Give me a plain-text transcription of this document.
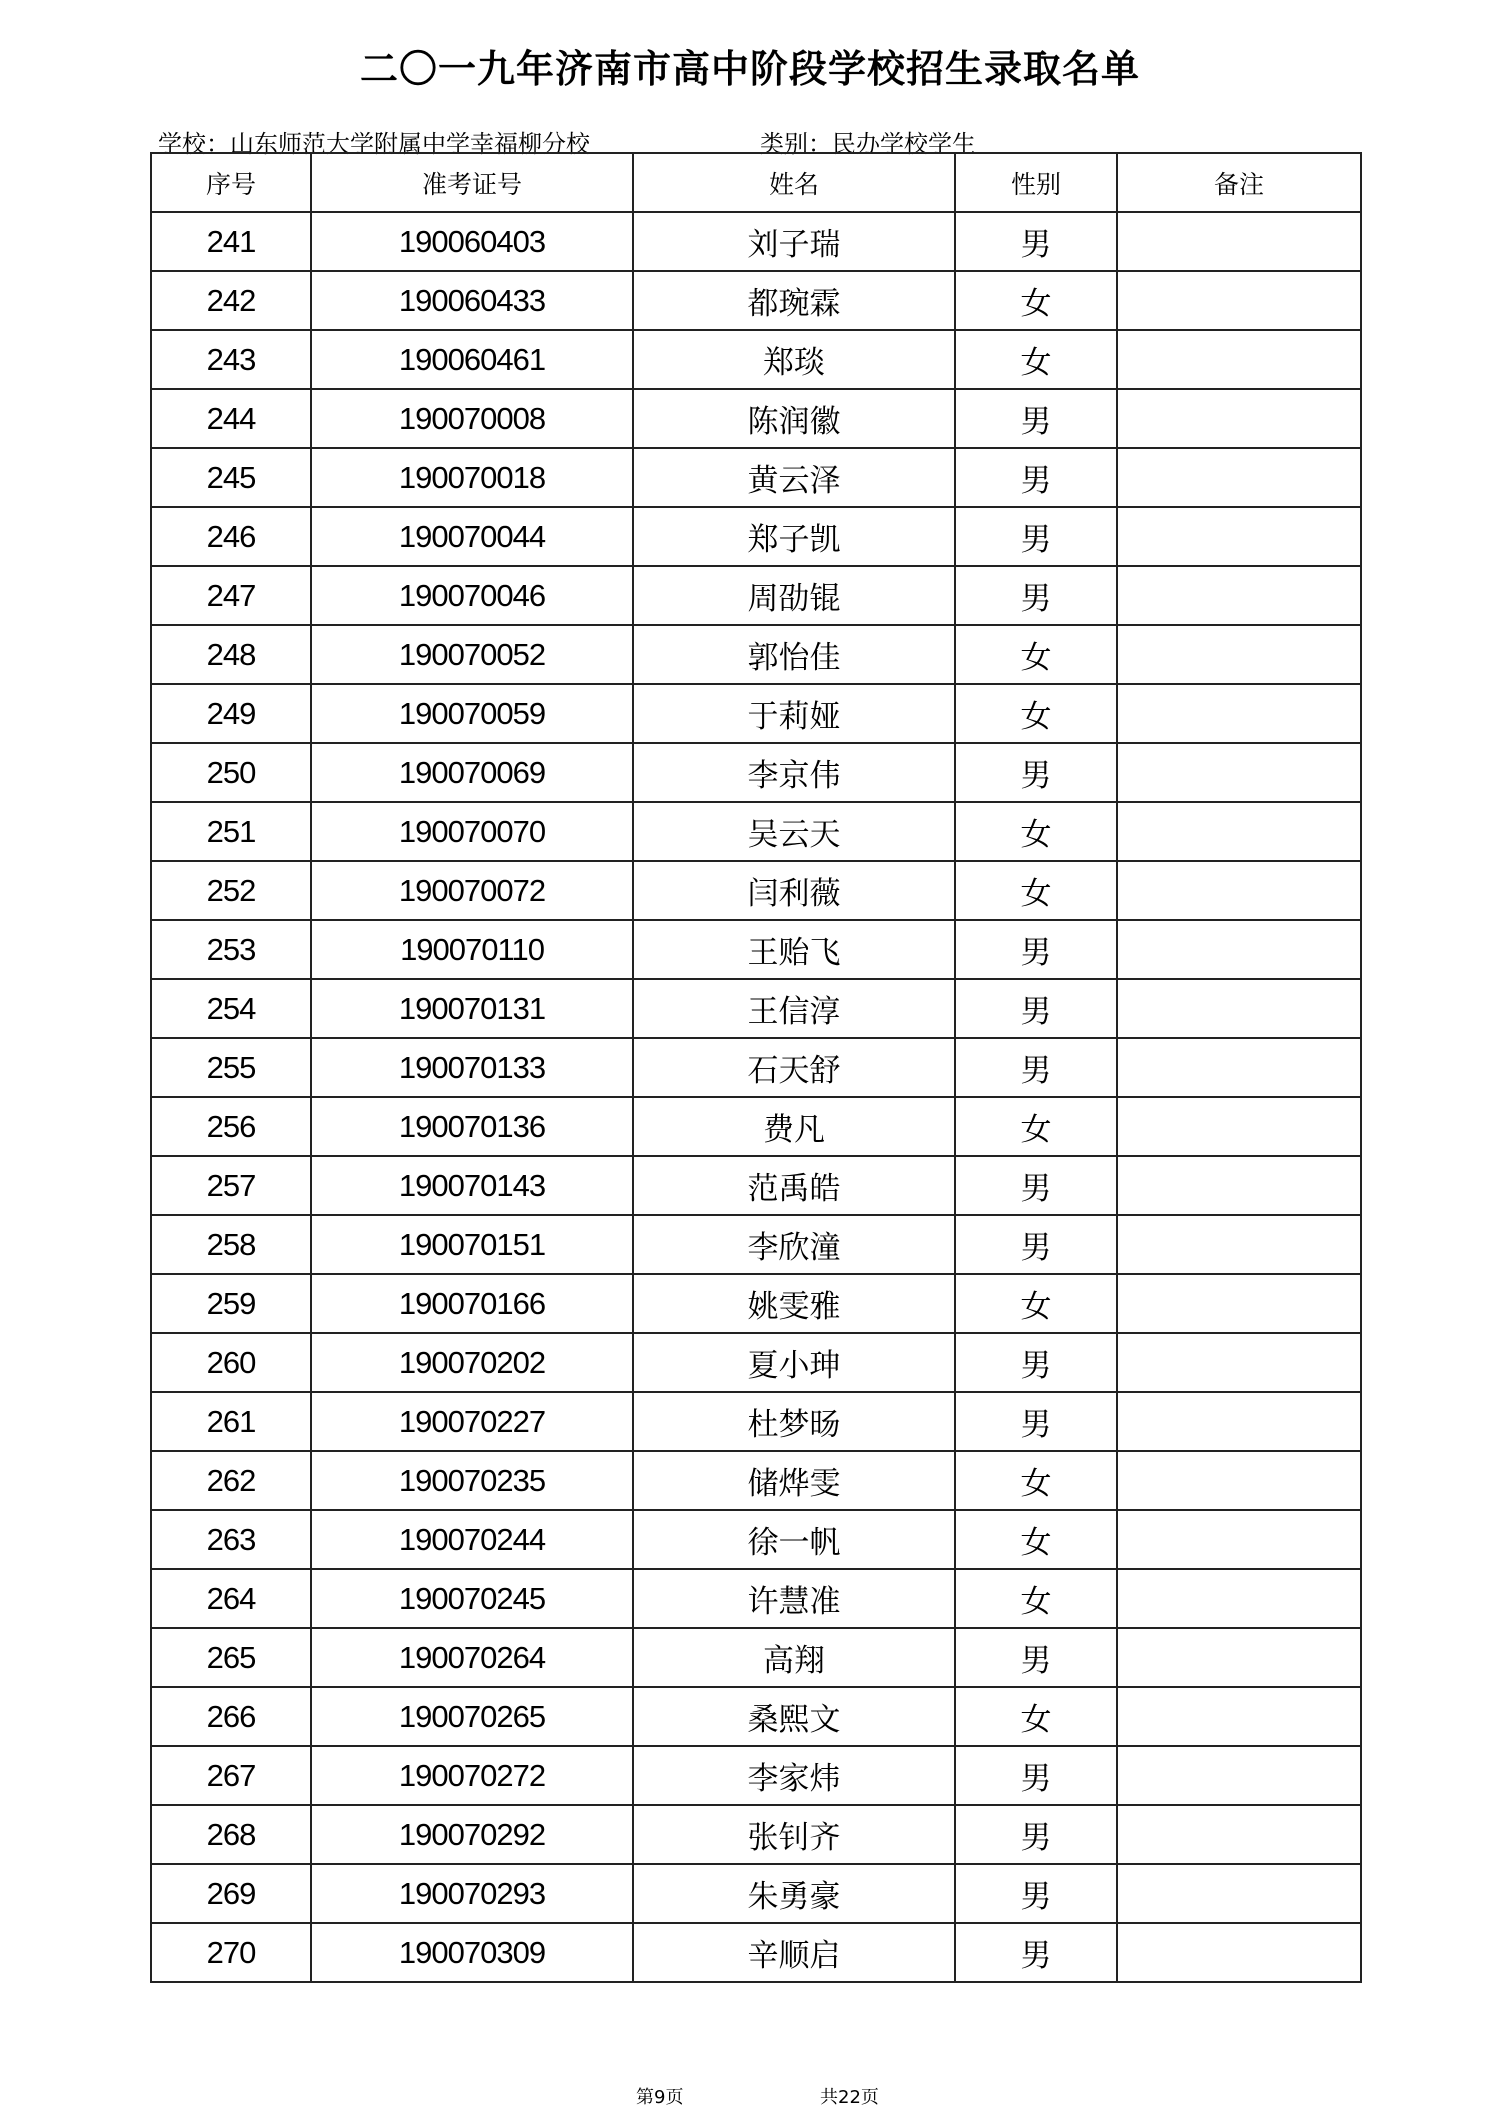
二〇一九年济南市高中阶段学校招生录取名单
学校：山东师范大学附属中学幸福柳分校	类别：民办学校学生
序号	准考证号	姓名	性别	备注
241	190060403	刘子瑞	男	
242	190060433	都琬霖	女	
243	190060461	郑琰	女	
244	190070008	陈润徽	男	
245	190070018	黄云泽	男	
246	190070044	郑子凯	男	
247	190070046	周劭锟	男	
248	190070052	郭怡佳	女	
249	190070059	于莉娅	女	
250	190070069	李京伟	男	
251	190070070	吴云天	女	
252	190070072	闫利薇	女	
253	190070110	王贻飞	男	
254	190070131	王信淳	男	
255	190070133	石天舒	男	
256	190070136	费凡	女	
257	190070143	范禹皓	男	
258	190070151	李欣潼	男	
259	190070166	姚雯雅	女	
260	190070202	夏小珅	男	
261	190070227	杜梦旸	男	
262	190070235	储烨雯	女	
263	190070244	徐一帆	女	
264	190070245	许慧准	女	
265	190070264	高翔	男	
266	190070265	桑熙文	女	
267	190070272	李家炜	男	
268	190070292	张钊齐	男	
269	190070293	朱勇豪	男	
270	190070309	辛顺启	男	
第9页	共22页
